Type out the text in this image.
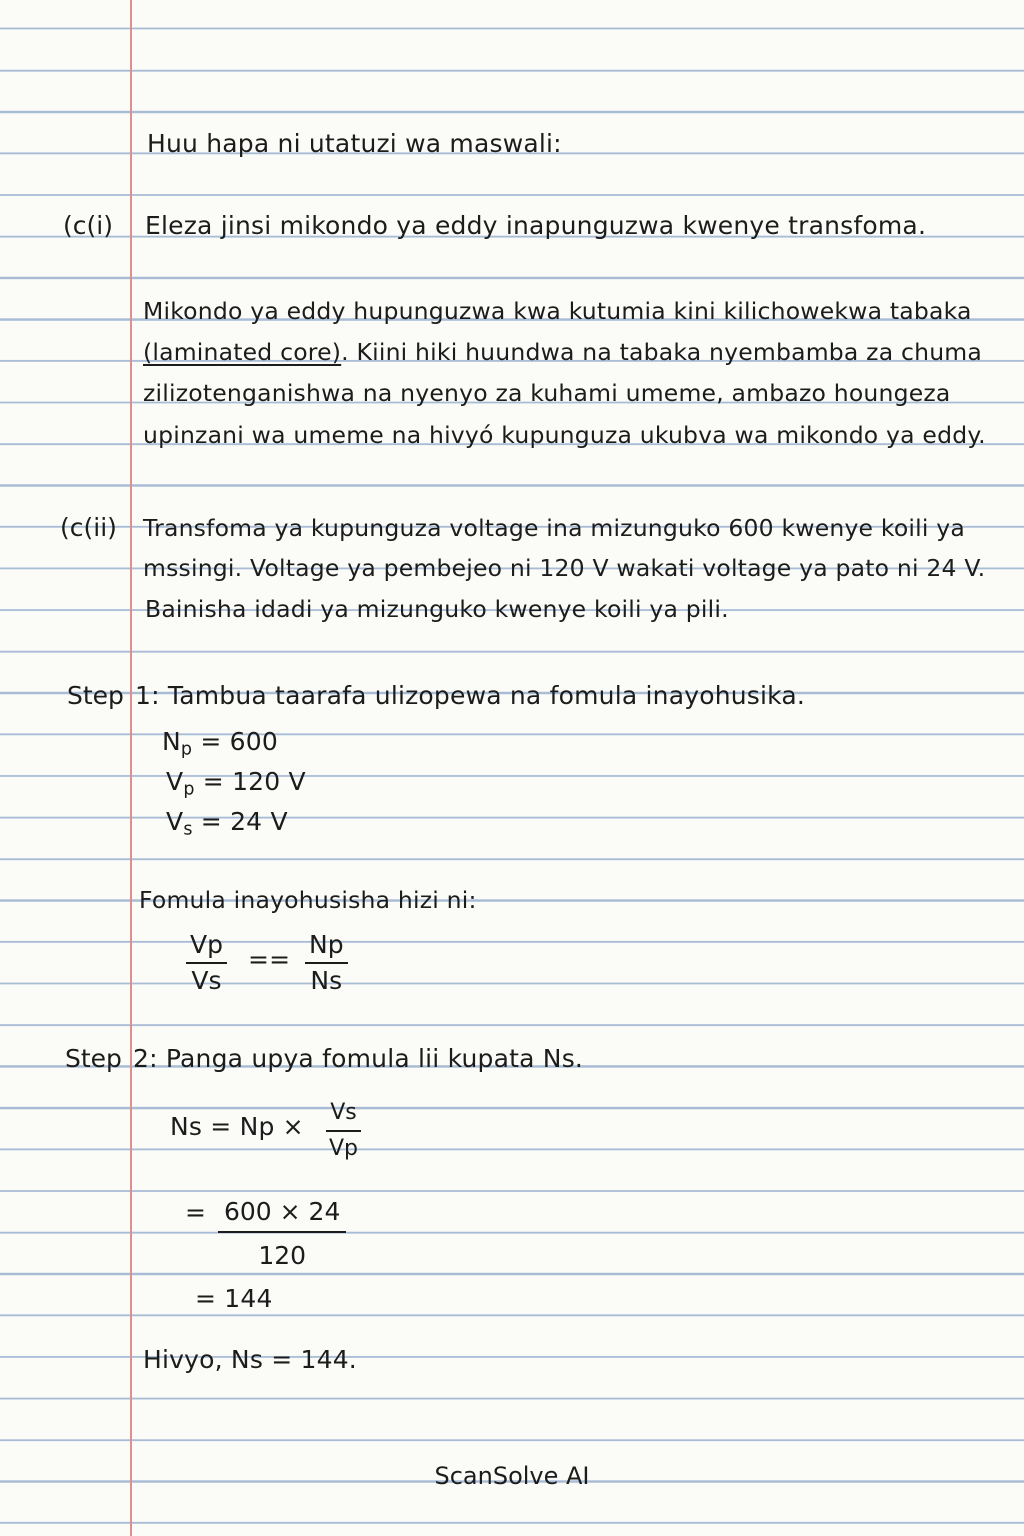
Huu hapa ni utatuzi wa maswali:
(c(i) Eleza jinsi mikondo ya eddy inapunguzwa kwenye transfoma.
Mikondo ya eddy hupunguzwa kwa kutumia kini kilichowekwa tabaka
(laminated core). Kiini hiki huundwa na tabaka nyembamba za chuma
zilizotenganishwa na nyenyo za kuhami umeme, ambazo houngeza
upinzani wa umeme na hivyó kupunguza ukubva wa mikondo ya eddy.
(c(ii) Transfoma ya kupunguza voltage ina mizunguko 600 kwenye koili ya
mssingi. Voltage ya pembejeo ni 120 V wakati voltage ya pato ni 24 V.
Bainisha idadi ya mizunguko kwenye koili ya pili.
Step 1: Tambua taarafa ulizopewa na fomula inayohusika.
$N_p = 600$
$V_p = 120$ V
$V_s = 24$ V
Fomula inayohusisha hizi ni:
$\frac{Vp}{Vs} == \frac{Np}{Ns}$
Step 2: Panga upya fomula lii kupata Ns.
$Ns = Np \times \frac{Vs}{Vp}$
= $\frac{600 \times 24}{120}$
= 144
Hivyo, Ns = 144.
ScanSolve AI
